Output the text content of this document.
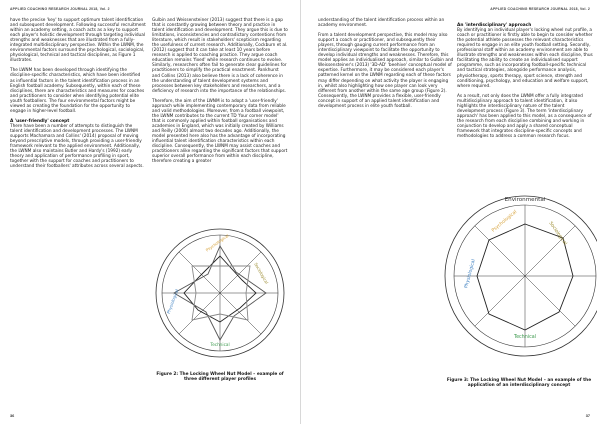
APPLIED COACHING RESEARCH JOURNAL 2018, Vol. 2

have the precise 'key' to support optimum talent identification and subsequent development. Following successful recruitment within an academy setting, a coach acts as a key to support each player's holistic development through targeting individual strengths and weaknesses that are illustrated from a fully-integrated multidisciplinary perspective. Within the LWNM, the environmental factors surround the psychological, sociological, physiological, technical and tactical disciplines, as Figure 1 illustrates.

The LWNM has been developed through identifying the discipline-specific characteristics, which have been identified as influential factors in the talent identification process in an English football academy. Subsequently, within each of these disciplines, there are characteristics and measures for coaches and practitioners to consider when identifying potential elite youth footballers. The four environmental factors might be viewed as creating the foundation for the opportunity to engage in higher-level football.

A 'user-friendly' concept

There have been a number of attempts to distinguish the talent identification and development processes. The LWNM supports Machamara and Collins' (2014) proposal of moving beyond prescriptive models, through providing a user-friendly framework relevant to the applied environment. Additionally, the LWNM also maintains Butler and Hardy's (1992) early theory and application of performance profiling in sport, together with the support for coaches and practitioners to understand their footballers' attributes across several aspects.

Gulbin and Weissensteiner (2013) suggest that there is a gap that is constantly growing between theory and practice in talent identification and development. They argue this is due to limitations, inconsistencies and contradictory contentions from literature, which result in stakeholders' scepticism regarding the usefulness of current research. Additionally, Cockburn et al. (2012) suggest that it can take at least 10 years before research is applied to coaching practice. They argue coach education remains 'fixed' while research continues to evolve. Similarly, researchers often fail to generate clear guidelines for practitioners to simplify the practical enactment. Pankhurst and Collins (2013) also believe there is a lack of coherence in the understanding of talent development systems and processes between key stakeholders and researchers, and a deficiency of research into the importance of the relationships.

Therefore, the aim of the LWNM is to adopt a 'user-friendly' approach while implementing contemporary data from reliable and valid methodologies. Moreover, from a football viewpoint, the LWNM contributes to the current TD 'four corner model' that is commonly applied within football organisations and academies in England, which was initially created by Williams and Reilly (2000) almost two decades ago. Additionally, the model presented here also has the advantage of incorporating influential talent identification characteristics within each discipline. Consequently, the LWNM may assist coaches and practitioners alike regarding the significant factors that support superior overall performance from within each discipline, therefore creating a greater

Psychological
Sociological
Technical
Physiological
Figure 2: The Locking Wheel Nut Model – example of three different player profiles
36
APPLIED COACHING RESEARCH JOURNAL 2018, Vol. 2

understanding of the talent identification process within an academy environment.

From a talent development perspective, this model may also support a coach or practitioner, and subsequently their players, through gauging current performance from an interdisciplinary viewpoint to facilitate the opportunity to develop individual strengths and weaknesses. Therefore, this model applies an individualised approach, similar to Gulbin and Weissensteiner's (2013) '3D-AD' 'beehive' conceptual model of expertise. Furthermore, it may be considered each player's patterned kernel on the LWNM regarding each of these factors may differ depending on what activity the player is engaging in, whilst also highlighting how one player can look very different from another within the same age group (Figure 2). Consequently, the LWNM provides a flexible, user-friendly concept in support of an applied talent identification and development process in elite youth football.

An 'interdisciplinary' approach

By identifying an individual player's locking wheel nut profile, a coach or practitioner is firstly able to begin to consider whether the potential athlete possesses the relevant characteristics required to engage in an elite youth football setting. Secondly, professional staff within an academy environment are able to illustrate strengths and weaknesses within each discipline, thus facilitating the ability to create an individualised support programme, such as incorporating football-specific technical and tactical strategies, alongside performance analysis, physiotherapy, sports therapy, sport science, strength and conditioning, psychology, and education and welfare support, where required.

As a result, not only does the LWNM offer a fully integrated multidisciplinary approach to talent identification, it also highlights the interdisciplinary nature of the talent development process (Figure 3). The term 'interdisciplinary approach' has been applied to this model, as a consequence of the research from each discipline combining and working in conjunction to develop and apply a shared conceptual framework that integrates discipline-specific concepts and methodologies to address a common research focus.

Environmental
Psychological	Sociological
Technical
Physiological
Figure 3: The Locking Wheel Nut Model – an example of the application of an interdisciplinary concept
37
